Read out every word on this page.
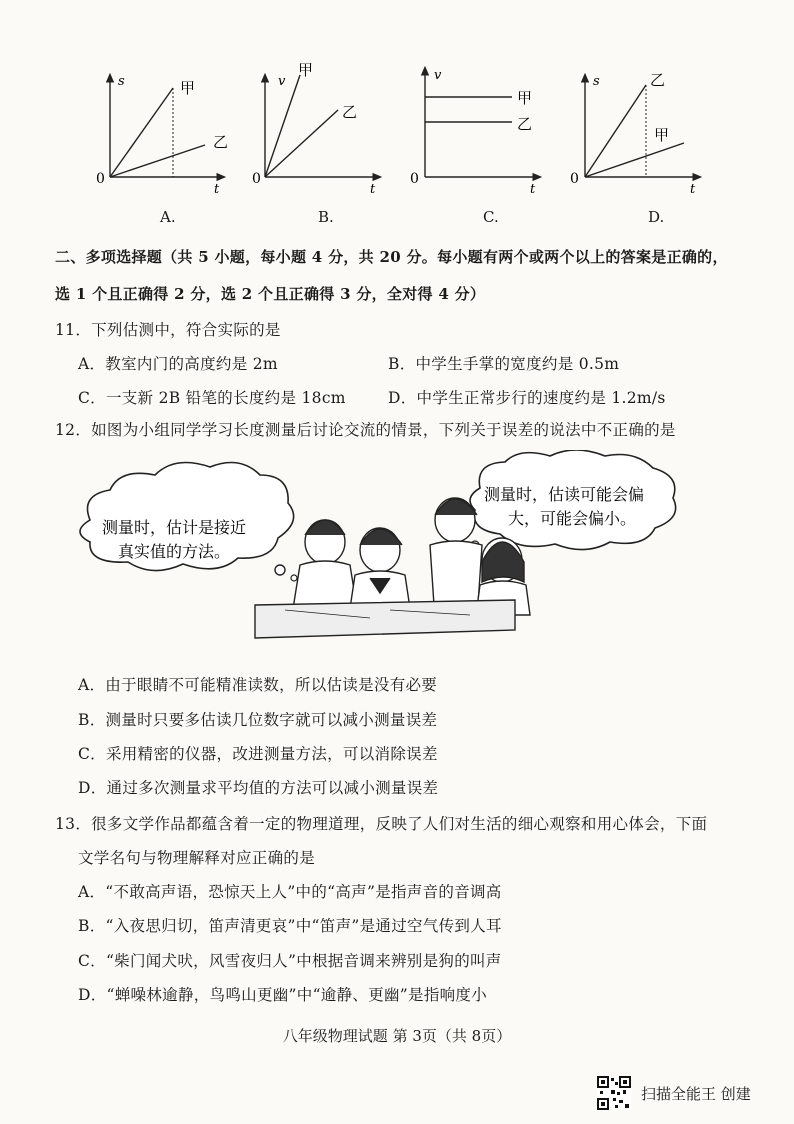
s
t
0
甲
乙
v
t
0
甲
乙
v
t
0
甲
乙
s
t
0
乙
甲
A.	B.	C.	D.
二、多项选择题（共 5 小题，每小题 4 分，共 20 分。每小题有两个或两个以上的答案是正确的，
选 1 个且正确得 2 分，选 2 个且正确得 3 分，全对得 4 分）
11．下列估测中，符合实际的是
A．教室内门的高度约是 2m	B．中学生手掌的宽度约是 0.5m
C．一支新 2B 铅笔的长度约是 18cm	D．中学生正常步行的速度约是 1.2m/s
12．如图为小组同学学习长度测量后讨论交流的情景，下列关于误差的说法中不正确的是
测量时，估计是接近
真实值的方法。
测量时，估读可能会偏
大，可能会偏小。
A．由于眼睛不可能精准读数，所以估读是没有必要
B．测量时只要多估读几位数字就可以减小测量误差
C．采用精密的仪器，改进测量方法，可以消除误差
D．通过多次测量求平均值的方法可以减小测量误差
13．很多文学作品都蕴含着一定的物理道理，反映了人们对生活的细心观察和用心体会，下面
文学名句与物理解释对应正确的是
A．“不敢高声语，恐惊天上人”中的“高声”是指声音的音调高
B．“入夜思归切，笛声清更哀”中“笛声”是通过空气传到人耳
C．“柴门闻犬吠，风雪夜归人”中根据音调来辨别是狗的叫声
D．“蝉噪林逾静，鸟鸣山更幽”中“逾静、更幽”是指响度小
八年级物理试题 第 3页（共 8页）
扫描全能王 创建
